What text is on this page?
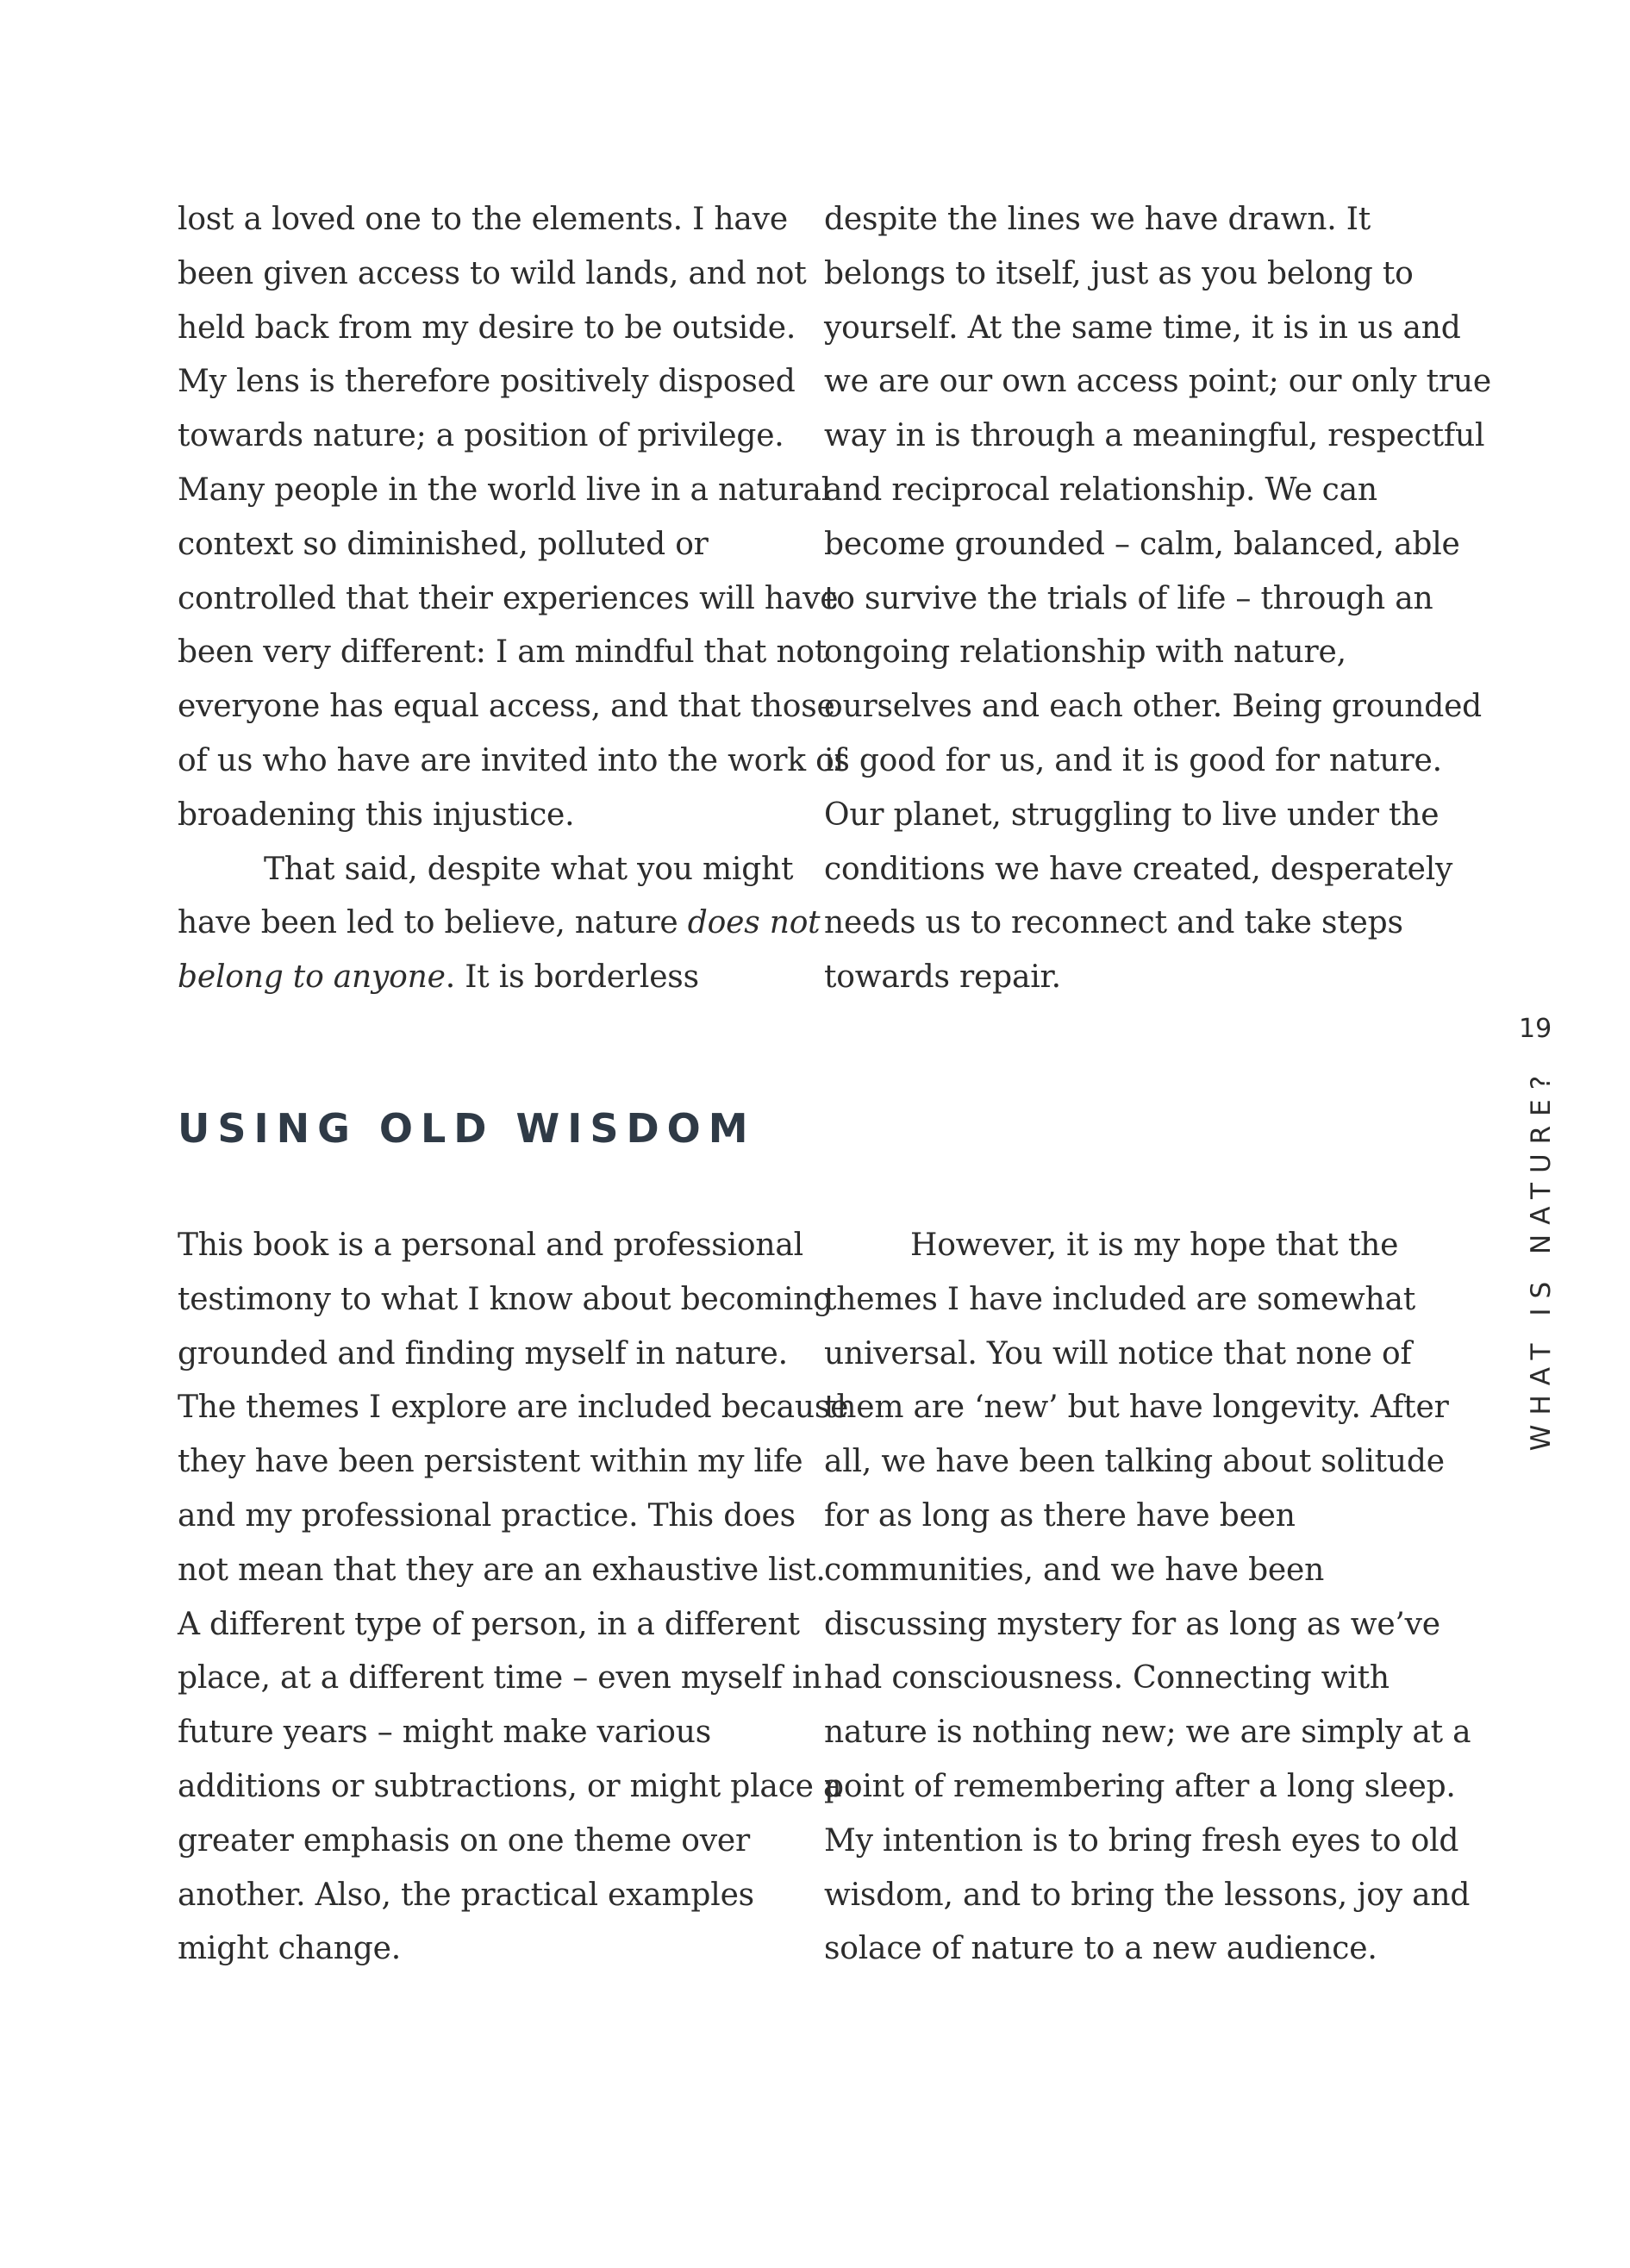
lost a loved one to the elements. I have been given access to wild lands, and not held back from my desire to be outside. My lens is therefore positively disposed towards nature; a position of privilege. Many people in the world live in a natural context so diminished, polluted or controlled that their experiences will have been very different: I am mindful that not everyone has equal access, and that those of us who have are invited into the work of broadening this injustice.

That said, despite what you might have been led to believe, nature does not belong to anyone. It is borderless

despite the lines we have drawn. It belongs to itself, just as you belong to yourself. At the same time, it is in us and we are our own access point; our only true way in is through a meaningful, respectful and reciprocal relationship. We can become grounded – calm, balanced, able to survive the trials of life – through an ongoing relationship with nature, ourselves and each other. Being grounded is good for us, and it is good for nature. Our planet, struggling to live under the conditions we have created, desperately needs us to reconnect and take steps towards repair.

USING OLD WISDOM

This book is a personal and professional testimony to what I know about becoming grounded and finding myself in nature. The themes I explore are included because they have been persistent within my life and my professional practice. This does not mean that they are an exhaustive list. A different type of person, in a different place, at a different time – even myself in future years – might make various additions or subtractions, or might place a greater emphasis on one theme over another. Also, the practical examples might change.

However, it is my hope that the themes I have included are somewhat universal. You will notice that none of them are ‘new’ but have longevity. After all, we have been talking about solitude for as long as there have been communities, and we have been discussing mystery for as long as we’ve had consciousness. Connecting with nature is nothing new; we are simply at a point of remembering after a long sleep. My intention is to bring fresh eyes to old wisdom, and to bring the lessons, joy and solace of nature to a new audience.

19
WHAT IS NATURE?
